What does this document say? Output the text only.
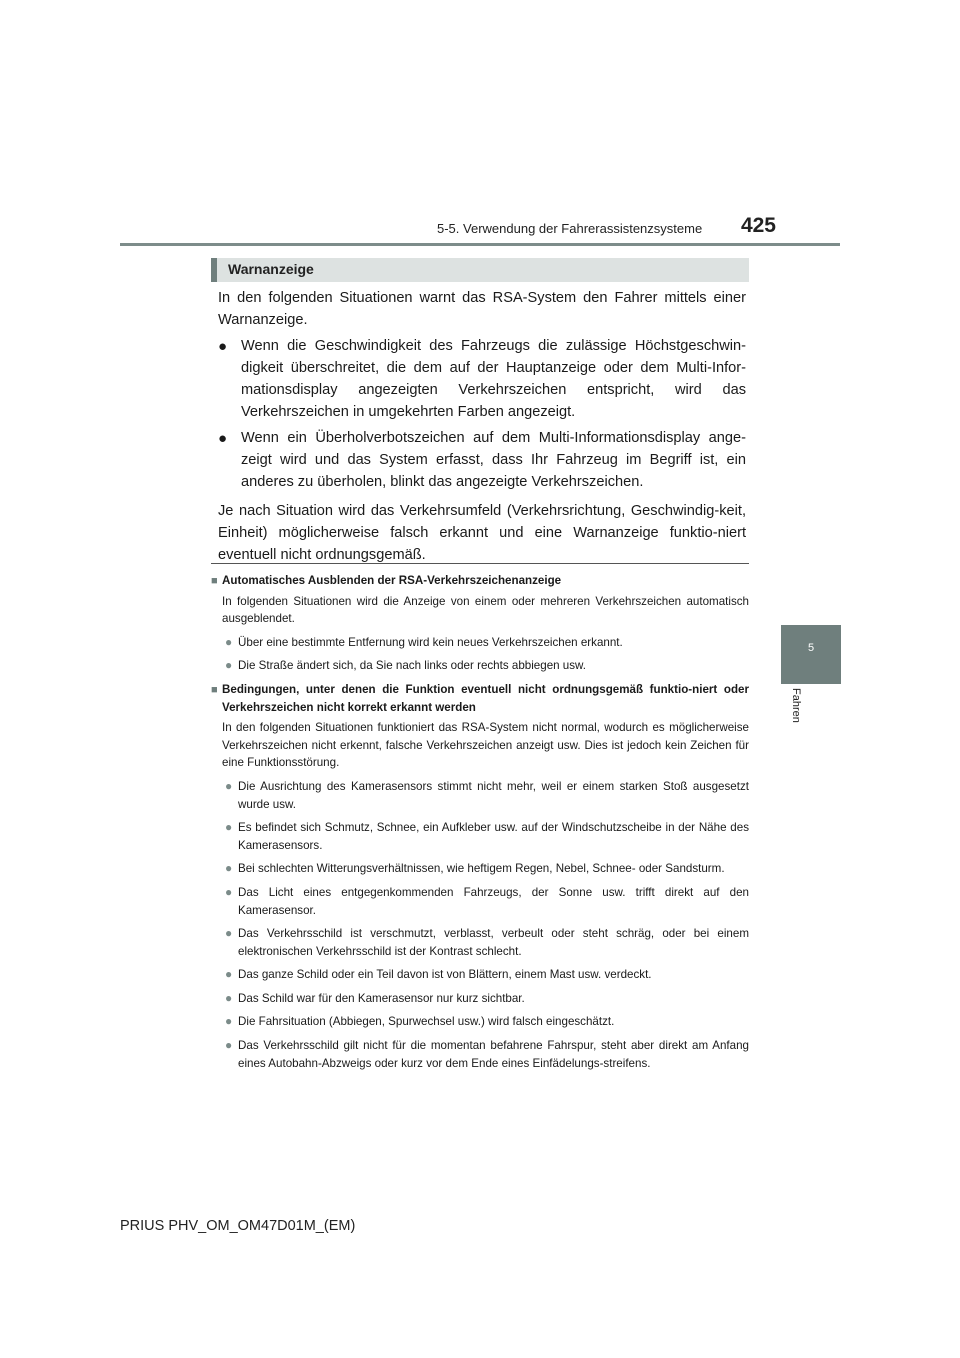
5-5. Verwendung der Fahrerassistenzsysteme	425
5
Fahren
Warnanzeige

In den folgenden Situationen warnt das RSA-System den Fahrer mittels einer Warnanzeige.

● Wenn die Geschwindigkeit des Fahrzeugs die zulässige Höchstgeschwin-digkeit überschreitet, die dem auf der Hauptanzeige oder dem Multi-Infor-mationsdisplay angezeigten Verkehrszeichen entspricht, wird das Verkehrszeichen in umgekehrten Farben angezeigt.
● Wenn ein Überholverbotszeichen auf dem Multi-Informationsdisplay ange-zeigt wird und das System erfasst, dass Ihr Fahrzeug im Begriff ist, ein anderes zu überholen, blinkt das angezeigte Verkehrszeichen.

Je nach Situation wird das Verkehrsumfeld (Verkehrsrichtung, Geschwindig-keit, Einheit) möglicherweise falsch erkannt und eine Warnanzeige funktio-niert eventuell nicht ordnungsgemäß.

■ Automatisches Ausblenden der RSA-Verkehrszeichenanzeige

In folgenden Situationen wird die Anzeige von einem oder mehreren Verkehrszeichen automatisch ausgeblendet.

● Über eine bestimmte Entfernung wird kein neues Verkehrszeichen erkannt.
● Die Straße ändert sich, da Sie nach links oder rechts abbiegen usw.

■ Bedingungen, unter denen die Funktion eventuell nicht ordnungsgemäß funktio-niert oder Verkehrszeichen nicht korrekt erkannt werden

In den folgenden Situationen funktioniert das RSA-System nicht normal, wodurch es möglicherweise Verkehrszeichen nicht erkennt, falsche Verkehrszeichen anzeigt usw. Dies ist jedoch kein Zeichen für eine Funktionsstörung.

● Die Ausrichtung des Kamerasensors stimmt nicht mehr, weil er einem starken Stoß ausgesetzt wurde usw.
● Es befindet sich Schmutz, Schnee, ein Aufkleber usw. auf der Windschutzscheibe in der Nähe des Kamerasensors.
● Bei schlechten Witterungsverhältnissen, wie heftigem Regen, Nebel, Schnee- oder Sandsturm.
● Das Licht eines entgegenkommenden Fahrzeugs, der Sonne usw. trifft direkt auf den Kamerasensor.
● Das Verkehrsschild ist verschmutzt, verblasst, verbeult oder steht schräg, oder bei einem elektronischen Verkehrsschild ist der Kontrast schlecht.
● Das ganze Schild oder ein Teil davon ist von Blättern, einem Mast usw. verdeckt.
● Das Schild war für den Kamerasensor nur kurz sichtbar.
● Die Fahrsituation (Abbiegen, Spurwechsel usw.) wird falsch eingeschätzt.
● Das Verkehrsschild gilt nicht für die momentan befahrene Fahrspur, steht aber direkt am Anfang eines Autobahn-Abzweigs oder kurz vor dem Ende eines Einfädelungs-streifens.
PRIUS PHV_OM_OM47D01M_(EM)
